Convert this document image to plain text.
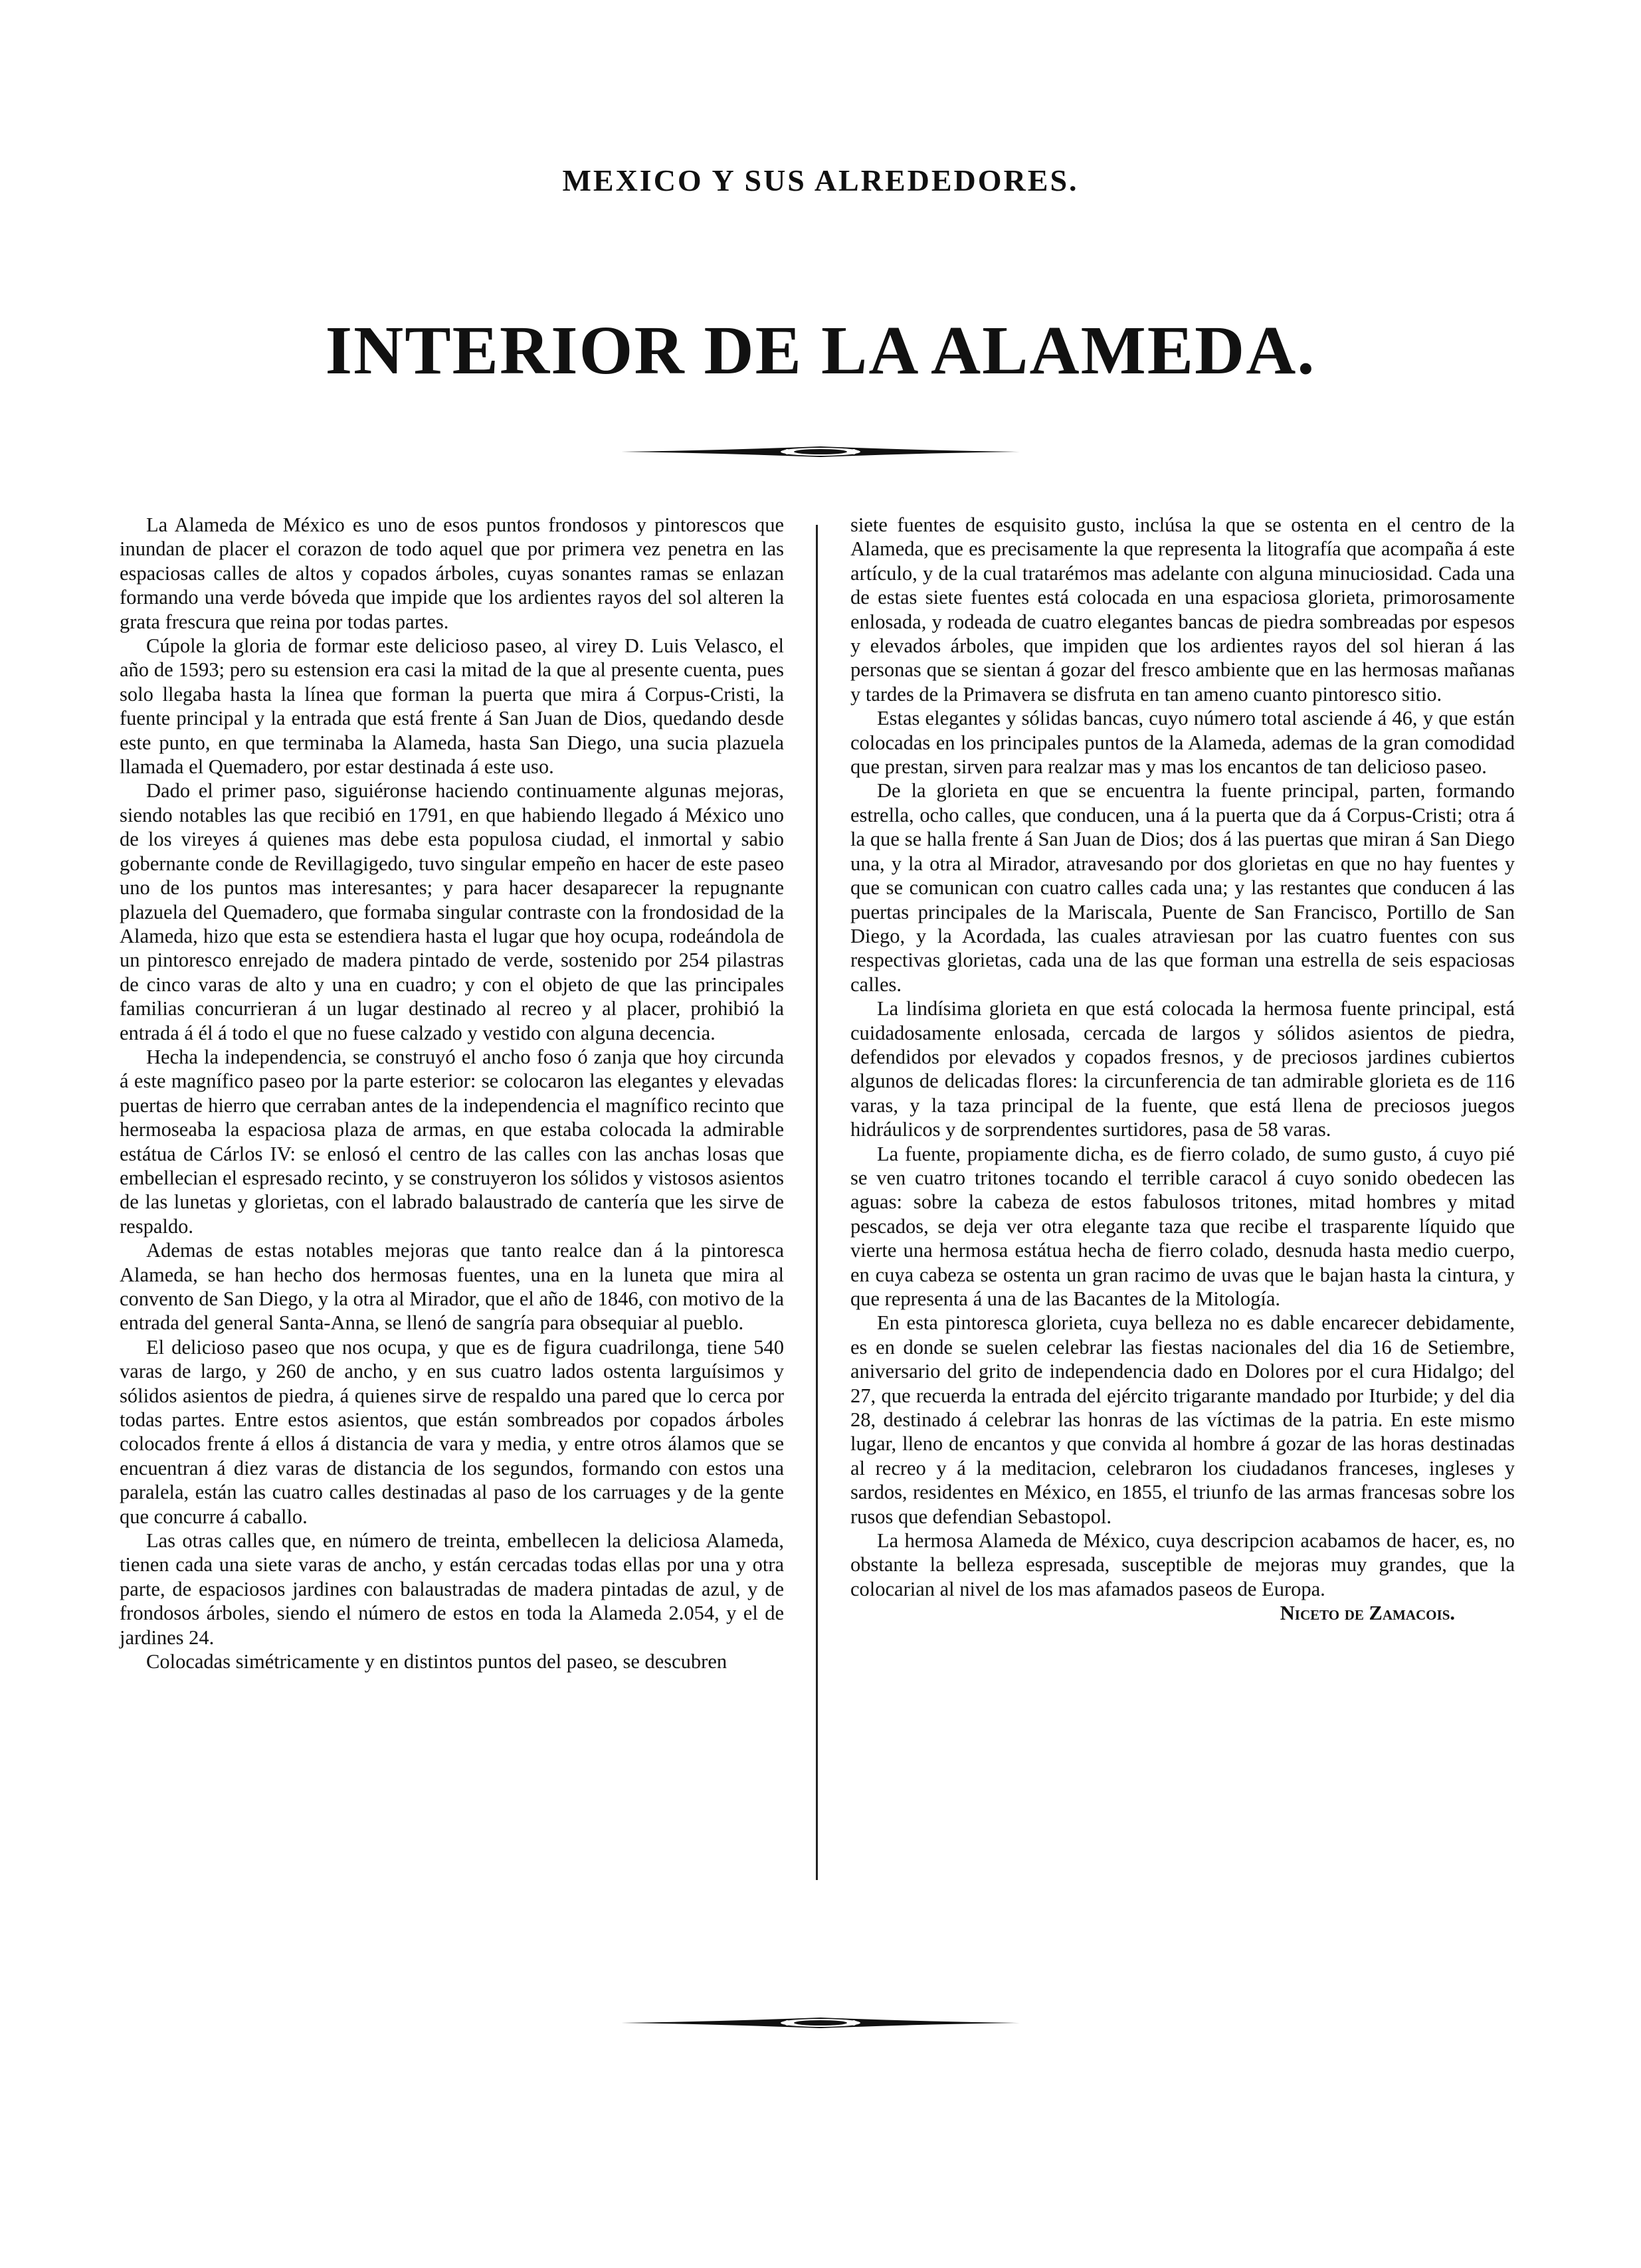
MEXICO Y SUS ALREDEDORES.
INTERIOR DE LA ALAMEDA.

La Alameda de México es uno de esos puntos frondosos y pintorescos que inundan de placer el corazon de todo aquel que por primera vez penetra en las espaciosas calles de altos y copados árboles, cuyas sonantes ramas se enlazan formando una verde bóveda que impide que los ardientes rayos del sol alteren la grata frescura que reina por todas partes.

Cúpole la gloria de formar este delicioso paseo, al virey D. Luis Velasco, el año de 1593; pero su estension era casi la mitad de la que al presente cuenta, pues solo llegaba hasta la línea que forman la puerta que mira á Corpus-Cristi, la fuente principal y la entrada que está frente á San Juan de Dios, quedando desde este punto, en que terminaba la Alameda, hasta San Diego, una sucia plazuela llamada el Quemadero, por estar destinada á este uso.

Dado el primer paso, siguiéronse haciendo continuamente algunas mejoras, siendo notables las que recibió en 1791, en que habiendo llegado á México uno de los vireyes á quienes mas debe esta populosa ciudad, el inmortal y sabio gobernante conde de Revillagigedo, tuvo singular empeño en hacer de este paseo uno de los puntos mas interesantes; y para hacer desaparecer la repugnante plazuela del Quemadero, que formaba singular contraste con la frondosidad de la Alameda, hizo que esta se estendiera hasta el lugar que hoy ocupa, rodeándola de un pintoresco enrejado de madera pintado de verde, sostenido por 254 pilastras de cinco varas de alto y una en cuadro; y con el objeto de que las principales familias concurrieran á un lugar destinado al recreo y al placer, prohibió la entrada á él á todo el que no fuese calzado y vestido con alguna decencia.

Hecha la independencia, se construyó el ancho foso ó zanja que hoy circunda á este magnífico paseo por la parte esterior: se colocaron las elegantes y elevadas puertas de hierro que cerraban antes de la independencia el magnífico recinto que hermoseaba la espaciosa plaza de armas, en que estaba colocada la admirable estátua de Cárlos IV: se enlosó el centro de las calles con las anchas losas que embellecian el espresado recinto, y se construyeron los sólidos y vistosos asientos de las lunetas y glorietas, con el labrado balaustrado de cantería que les sirve de respaldo.

Ademas de estas notables mejoras que tanto realce dan á la pintoresca Alameda, se han hecho dos hermosas fuentes, una en la luneta que mira al convento de San Diego, y la otra al Mirador, que el año de 1846, con motivo de la entrada del general Santa-Anna, se llenó de sangría para obsequiar al pueblo.

El delicioso paseo que nos ocupa, y que es de figura cuadrilonga, tiene 540 varas de largo, y 260 de ancho, y en sus cuatro lados ostenta larguísimos y sólidos asientos de piedra, á quienes sirve de respaldo una pared que lo cerca por todas partes. Entre estos asientos, que están sombreados por copados árboles colocados frente á ellos á distancia de vara y media, y entre otros álamos que se encuentran á diez varas de distancia de los segundos, formando con estos una paralela, están las cuatro calles destinadas al paso de los carruages y de la gente que concurre á caballo.

Las otras calles que, en número de treinta, embellecen la deliciosa Alameda, tienen cada una siete varas de ancho, y están cercadas todas ellas por una y otra parte, de espaciosos jardines con balaustradas de madera pintadas de azul, y de frondosos árboles, siendo el número de estos en toda la Alameda 2.054, y el de jardines 24.

Colocadas simétricamente y en distintos puntos del paseo, se descubren

siete fuentes de esquisito gusto, inclúsa la que se ostenta en el centro de la Alameda, que es precisamente la que representa la litografía que acompaña á este artículo, y de la cual tratarémos mas adelante con alguna minuciosidad. Cada una de estas siete fuentes está colocada en una espaciosa glorieta, primorosamente enlosada, y rodeada de cuatro elegantes bancas de piedra sombreadas por espesos y elevados árboles, que impiden que los ardientes rayos del sol hieran á las personas que se sientan á gozar del fresco ambiente que en las hermosas mañanas y tardes de la Primavera se disfruta en tan ameno cuanto pintoresco sitio.

Estas elegantes y sólidas bancas, cuyo número total asciende á 46, y que están colocadas en los principales puntos de la Alameda, ademas de la gran comodidad que prestan, sirven para realzar mas y mas los encantos de tan delicioso paseo.

De la glorieta en que se encuentra la fuente principal, parten, formando estrella, ocho calles, que conducen, una á la puerta que da á Corpus-Cristi; otra á la que se halla frente á San Juan de Dios; dos á las puertas que miran á San Diego una, y la otra al Mirador, atravesando por dos glorietas en que no hay fuentes y que se comunican con cuatro calles cada una; y las restantes que conducen á las puertas principales de la Mariscala, Puente de San Francisco, Portillo de San Diego, y la Acordada, las cuales atraviesan por las cuatro fuentes con sus respectivas glorietas, cada una de las que forman una estrella de seis espaciosas calles.

La lindísima glorieta en que está colocada la hermosa fuente principal, está cuidadosamente enlosada, cercada de largos y sólidos asientos de piedra, defendidos por elevados y copados fresnos, y de preciosos jardines cubiertos algunos de delicadas flores: la circunferencia de tan admirable glorieta es de 116 varas, y la taza principal de la fuente, que está llena de preciosos juegos hidráulicos y de sorprendentes surtidores, pasa de 58 varas.

La fuente, propiamente dicha, es de fierro colado, de sumo gusto, á cuyo pié se ven cuatro tritones tocando el terrible caracol á cuyo sonido obedecen las aguas: sobre la cabeza de estos fabulosos tritones, mitad hombres y mitad pescados, se deja ver otra elegante taza que recibe el trasparente líquido que vierte una hermosa estátua hecha de fierro colado, desnuda hasta medio cuerpo, en cuya cabeza se ostenta un gran racimo de uvas que le bajan hasta la cintura, y que representa á una de las Bacantes de la Mitología.

En esta pintoresca glorieta, cuya belleza no es dable encarecer debidamente, es en donde se suelen celebrar las fiestas nacionales del dia 16 de Setiembre, aniversario del grito de independencia dado en Dolores por el cura Hidalgo; del 27, que recuerda la entrada del ejército trigarante mandado por Iturbide; y del dia 28, destinado á celebrar las honras de las víctimas de la patria. En este mismo lugar, lleno de encantos y que convida al hombre á gozar de las horas destinadas al recreo y á la meditacion, celebraron los ciudadanos franceses, ingleses y sardos, residentes en México, en 1855, el triunfo de las armas francesas sobre los rusos que defendian Sebastopol.

La hermosa Alameda de México, cuya descripcion acabamos de hacer, es, no obstante la belleza espresada, susceptible de mejoras muy grandes, que la colocarian al nivel de los mas afamados paseos de Europa.

Niceto de Zamacois.
